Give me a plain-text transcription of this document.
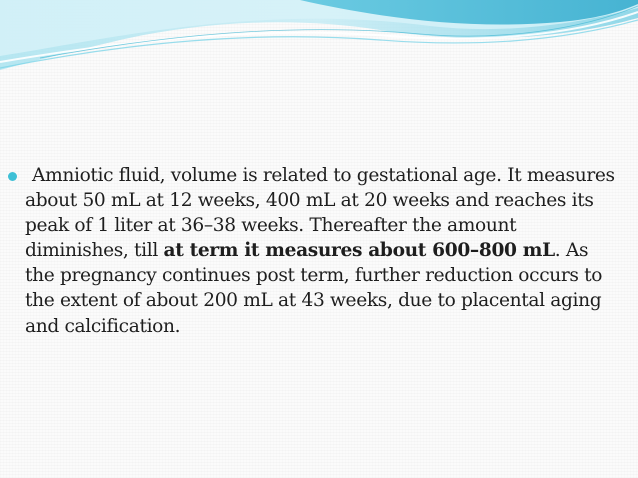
Amniotic fluid, volume is related to gestational age. It measures about 50 mL at 12 weeks, 400 mL at 20 weeks and reaches its peak of 1 liter at 36–38 weeks. Thereafter the amount diminishes, till at term it measures about 600–800 mL. As the pregnancy continues post term, further reduction occurs to the extent of about 200 mL at 43 weeks, due to placental aging and calcification.
